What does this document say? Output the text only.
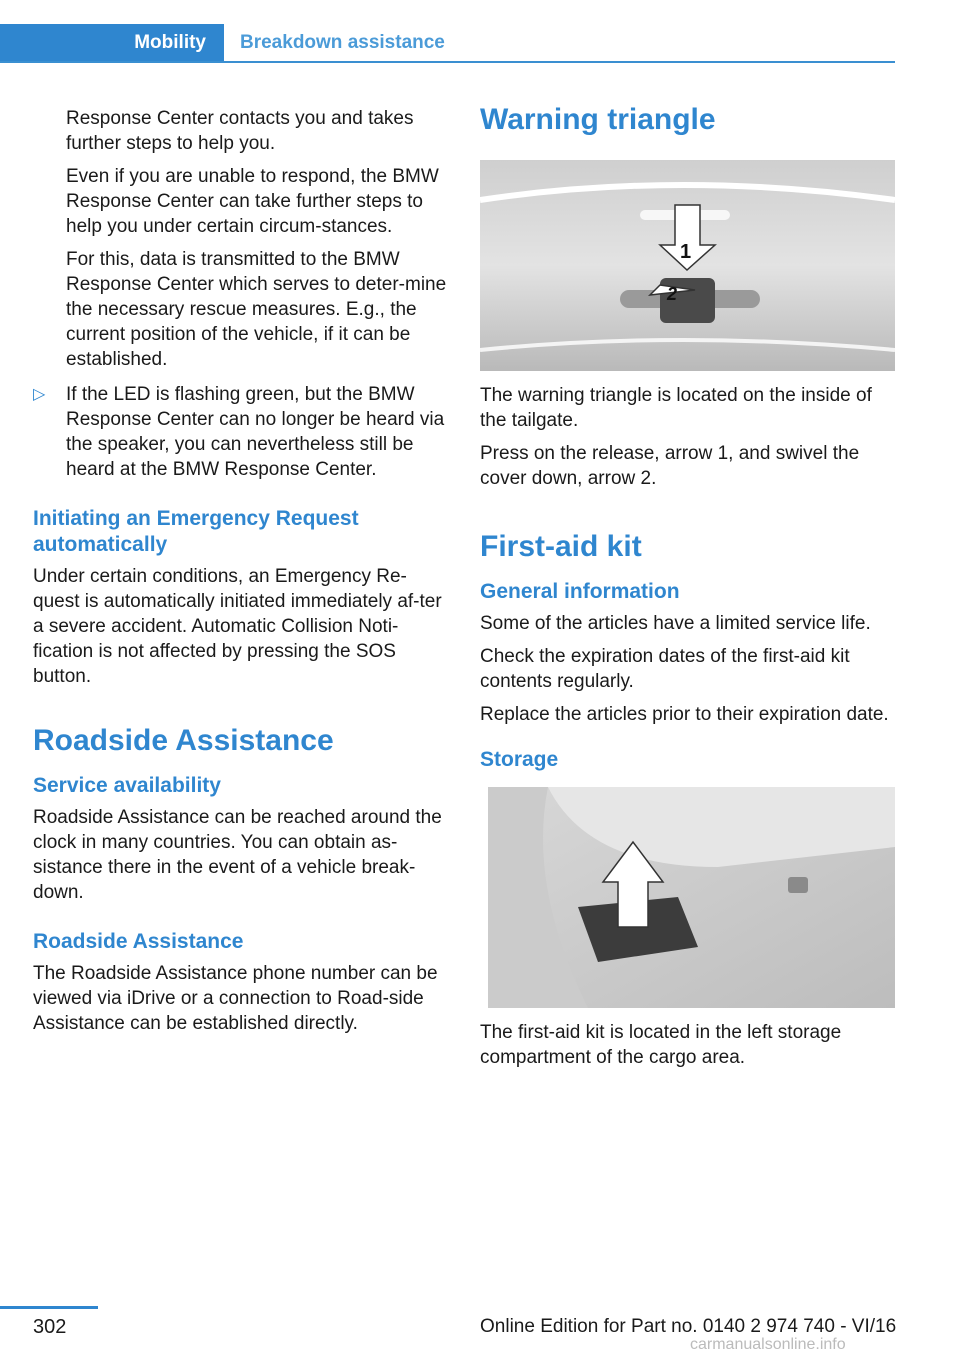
Mobility	Breakdown assistance

Response Center contacts you and takes further steps to help you.

Even if you are unable to respond, the BMW Response Center can take further steps to help you under certain circum‐stances.

For this, data is transmitted to the BMW Response Center which serves to deter‐mine the necessary rescue measures. E.g., the current position of the vehicle, if it can be established.

▷	If the LED is flashing green, but the BMW Response Center can no longer be heard via the speaker, you can nevertheless still be heard at the BMW Response Center.

Initiating an Emergency Request automatically

Under certain conditions, an Emergency Re‐quest is automatically initiated immediately af‐ter a severe accident. Automatic Collision Noti‐fication is not affected by pressing the SOS button.

Roadside Assistance
Service availability

Roadside Assistance can be reached around the clock in many countries. You can obtain as‐sistance there in the event of a vehicle break‐down.

Roadside Assistance

The Roadside Assistance phone number can be viewed via iDrive or a connection to Road‐side Assistance can be established directly.

Warning triangle
1
2

The warning triangle is located on the inside of the tailgate.

Press on the release, arrow 1, and swivel the cover down, arrow 2.

First-aid kit
General information

Some of the articles have a limited service life.

Check the expiration dates of the first-aid kit contents regularly.

Replace the articles prior to their expiration date.

Storage

The first-aid kit is located in the left storage compartment of the cargo area.

302	Online Edition for Part no. 0140 2 974 740 - VI/16
carmanualsonline.info
